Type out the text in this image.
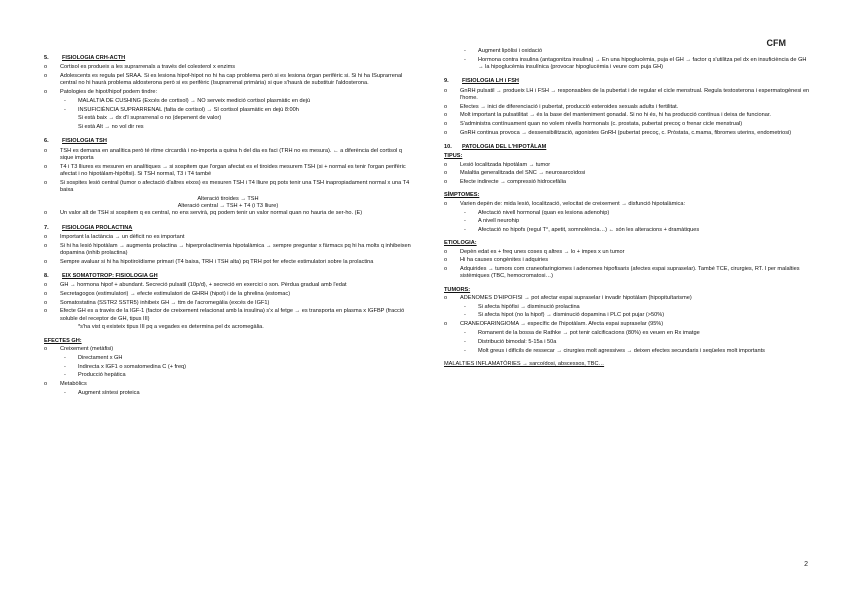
CFM
5. FISIOLOGIA CRH-ACTH
o Cortisol es produeix a les suprarrenals a través del colesterol x enzims
o Adolescents es regula pel SRAA. Si es lesiona hipof-hipot no hi ha cap problema però si es lesiona òrgan perifèric si. Si hi ha ISuprarrenal central no hi haurà problema aldosterona però si es perifèric (Isuprarrenal primària) si que s'haurà de substituir l'aldosterona.
o Patologies de hipot/hipof podem tindre:
- MALALTIA DE CUSHING (Excés de cortisol) → NO serveix medició cortisol plasmàtic en dejú
- INSUFICIÈNCIA SUPRARRENAL (falta de cortisol) → SI cortisol plasmàtic en dejú 8:00h
Si està baix → dx d'I suprarrenal o no (depenent de valor)
Si està Alt → no vol dir res
6. FISIOLOGIA TSH
o TSH es demana en analítica però té ritme circardià i no-importa a quina h del dia es faci (TRH no es mesura). ← a diferència del cortisol q sique importa
o T4 i T3 lliures es mesuren en analítiques → si sospitem que l'organ afectat es el tiroides mesurem TSH (si + normal es tenir l'organ perifèric afectat i no hipotàlam-hipòfisi). Si TSH normal, T3 i T4 també
o Si sospites lesió central (tumor o afectació d'altres eixos) es mesuren TSH i T4 lliure pq pots tenir una TSH inapropiadament normal x una T4 baixa

Alteració tiroides → TSH

Alteració central → TSH + T4 (i T3 lliure)

o Un valor alt de TSH si sospitem q es central, no ens servirà, pq podem tenir un valor normal quan no hauria de ser-ho. (E)
7. FISIOLOGIA PROLACTINA
o Important la lactància → un dèficit no es important
o Si hi ha lesió hipotàlam → augmenta prolactina → hiperprolactinemia hipotalàmica → sempre preguntar x fàrmacs pq hi ha molts q inhibeixen dopamina (inhib prolactina)
o Sempre avaluar si hi ha hipotiroïdisme primari (T4 baixa, TRH i TSH alta) pq TRH pot fer efecte estimulatori sobre la prolactina
8. EIX SOMATOTROP: FISIOLOGIA GH
o GH → hormona hipof + abundant. Secreció pulsatil (10p/d), + secreció en exercici o son. Pèrdua gradual amb l'edat
o Secretagogos (estimulatori) → efecte estimulatori de GHRH (hipot) i de la ghrelina (estomac)
o Somatostatina (SSTR2 SSTR5) inhibeix GH → ttm de l'acromegàlia (excés de IGF1)
o Efecte GH es a través de la IGF-1 (factor de creixement relacionat amb la insulina) s'x al fetge → es transporta en plasma x IGFBP (fracció soluble del receptor de GH, tipus III)

*s'ha vist q existeix tipus III pq a vegades es determina pel dx acromegàlia.

EFECTES GH:
o Creixement (metàfisi)
- Directament x GH
- Indirecta x IGF1 o somatomedina C (+ freq)
- Producció hepàtica
o Metabòlics
- Augment síntesi proteica
- Augment lipòlisi i oxidació
- Hormona contra insulina (antagonitza insulina) → En una hipoglucèmia, puja el GH → factor q s'utilitza pel dx en insuficiència de GH → la hipoglucèmia insulínica (provocar hipoglucèmia i veure com puja GH)
9. FISIOLOGIA LH i FSH
o GnRH pulsatil → produeix LH i FSH → responsables de la pubertat i de regular el cicle menstrual. Regula testosterona i espermatogènesi en l'home.
o Efectes → inici de diferenciació i pubertat, producció esteroides sexuals adults i fertilitat.
o Molt important la pulsatilitat → és la base del manteniment gonadal. Si no hi és, hi ha producció contínua i deixa de funcionar.
o S'administra contínuament quan no volem nivells hormonals (c. prostata, pubertat precoç o frenar cicle menstrual)
o GnRH continua provoca → dessensibilització, agonistes GnRH (pubertat precoç, c. Pròstata, c.mama, fibromes uterins, endometriosi)
10. PATOLOGIA DEL L'HIPOTÀLAM
TIPUS:
o Lesió localitzada hipotàlam → tumor
o Malaltia generalitzada del SNC → neurosarcoïdosi
o Efecte indirecte → compressió hidrocefàlia
SÍMPTOMES:
o Varien depèn de: mida lesió, localització, velocitat de creixement → disfunció hipotalàmica:
- Afectació nivell hormonal (quan es lesiona adenohip)
- A nivell neurohip
- Afectació no hipofs (regul T°, apetit, somnolència…) ← són les alteracions + dramàtiques
ETIOLOGIA:
o Depèn edat es + freq unes coses q altres → lo + impes x un tumor
o Hi ha causes congènites i adquiries
o Adquirides → tumors com craneofaringiomes i adenomes hipofisaris (afectes espai supraselar). També TCE, cirurgies, RT. I per malalties sistèmiques (TBC, hemocromatosi…)
TUMORS:
o ADENOMES D'HIPOFISI → pot afectar espai supraselar i invadir hipotàlam (hipopituïtarisme)
- Si afecta hipòfisi → disminució prolactina
- Si afecta hipot (no la hipof) → disminució dopamina i PLC pot pujar (>50%)
o CRANEOFARINGIOMA → específic de l'hipotàlam. Afecta espai supraselar (95%)
- Romanent de la bossa de Rathke → pot tenir calcificacions (80%) es veuen en Rx imatge
- Distribució bimodal: 5-15a i 50a
- Molt greus i difícils de ressecar → cirurgies molt agressives → deixen efectes secundaris i seqüeles molt importants
MALALTIES INFLAMATÒRIES → sarcoïdosi, abscessos, TBC…
2
